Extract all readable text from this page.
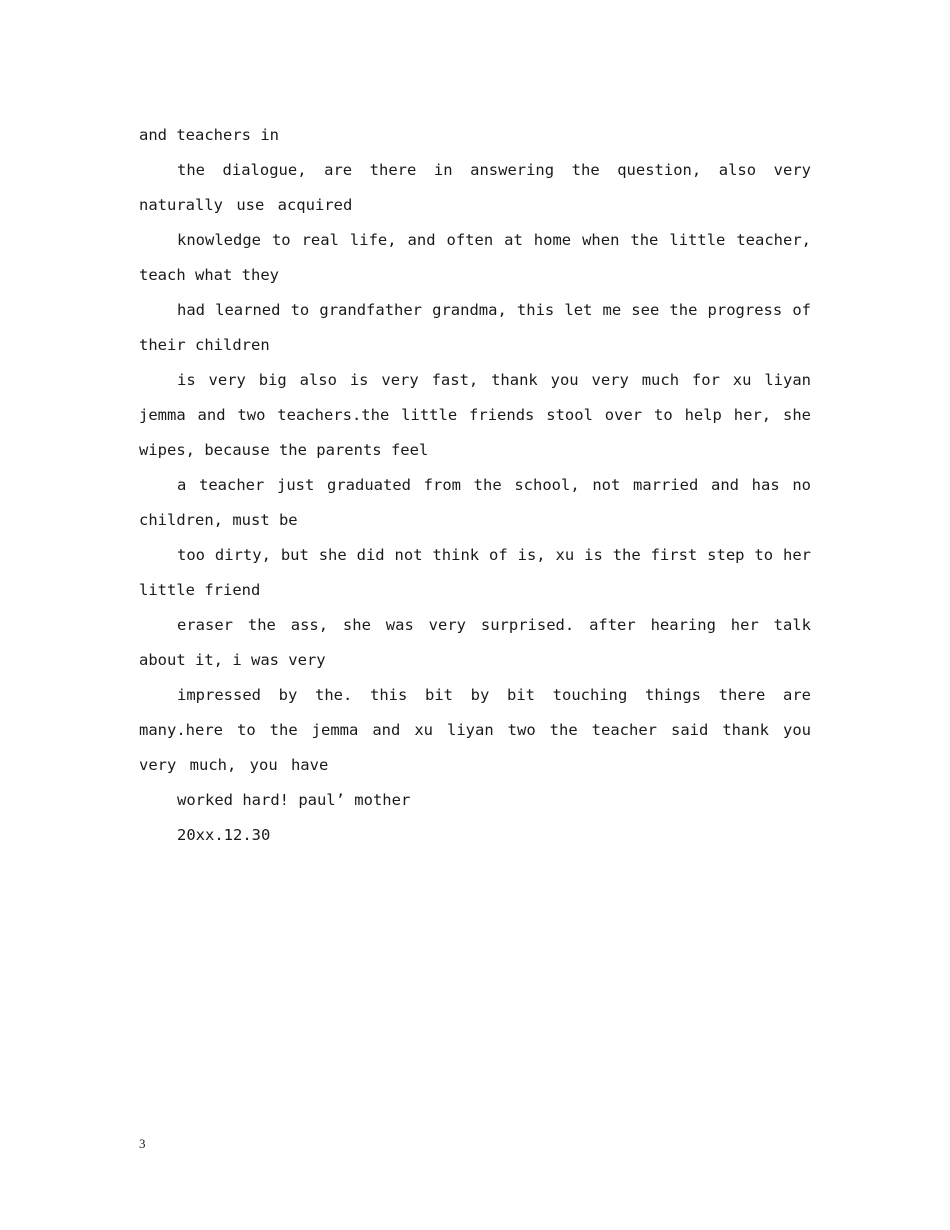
and teachers in

the dialogue, are there in answering the question, also very naturally use acquired

knowledge to real life, and often at home when the little teacher, teach what they

had learned to grandfather grandma, this let me see the progress of their children

is very big also is very fast, thank you very much for xu liyan jemma and two teachers.the little friends stool over to help her, she wipes, because the parents feel

a teacher just graduated from the school, not married and has no children, must be

too dirty, but she did not think of is, xu is the first step to her little friend

eraser the ass, she was very surprised. after hearing her talk about it, i was very

impressed by the. this bit by bit touching things there are many.here to the jemma and xu liyan two the teacher said thank you very much, you have

worked hard! paul’ mother

20xx.12.30

3
